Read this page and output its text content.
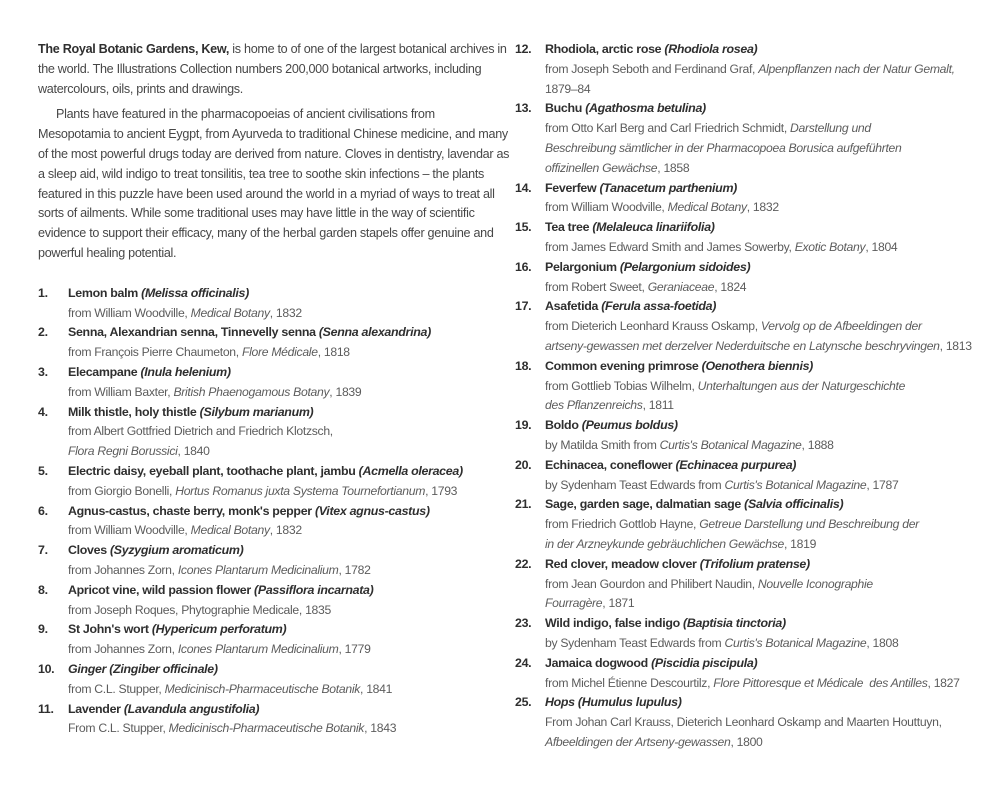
The Royal Botanic Gardens, Kew, is home to of one of the largest botanical archives in the world. The Illustrations Collection numbers 200,000 botanical artworks, including watercolours, oils, prints and drawings.

Plants have featured in the pharmacopoeias of ancient civilisations from Mesopotamia to ancient Eygpt, from Ayurveda to traditional Chinese medicine, and many of the most powerful drugs today are derived from nature. Cloves in dentistry, lavendar as a sleep aid, wild indigo to treat tonsilitis, tea tree to soothe skin infections – the plants featured in this puzzle have been used around the world in a myriad of ways to treat all sorts of ailments. While some traditional uses may have little in the way of scientific evidence to support their efficacy, many of the herbal garden stapels offer genuine and powerful healing potential.

1.	Lemon balm (Melissa officinalis)
from William Woodville, Medical Botany, 1832
2.	Senna, Alexandrian senna, Tinnevelly senna (Senna alexandrina)
from François Pierre Chaumeton, Flore Médicale, 1818
3.	Elecampane (Inula helenium)
from William Baxter, British Phaenogamous Botany, 1839
4.	Milk thistle, holy thistle (Silybum marianum)
from Albert Gottfried Dietrich and Friedrich Klotzsch,
Flora Regni Borussici, 1840
5.	Electric daisy, eyeball plant, toothache plant, jambu (Acmella oleracea)
from Giorgio Bonelli, Hortus Romanus juxta Systema Tournefortianum, 1793
6.	Agnus-castus, chaste berry, monk's pepper (Vitex agnus-castus)
from William Woodville, Medical Botany, 1832
7.	Cloves (Syzygium aromaticum)
from Johannes Zorn, Icones Plantarum Medicinalium, 1782
8.	Apricot vine, wild passion flower (Passiflora incarnata)
from Joseph Roques, Phytographie Medicale, 1835
9.	St John's wort (Hypericum perforatum)
from Johannes Zorn, Icones Plantarum Medicinalium, 1779
10.	Ginger (Zingiber officinale)
from C.L. Stupper, Medicinisch-Pharmaceutische Botanik, 1841
11.	Lavender (Lavandula angustifolia)
From C.L. Stupper, Medicinisch-Pharmaceutische Botanik, 1843
12.	Rhodiola, arctic rose (Rhodiola rosea)
from Joseph Seboth and Ferdinand Graf, Alpenpflanzen nach der Natur Gemalt,
1879–84
13.	Buchu (Agathosma betulina)
from Otto Karl Berg and Carl Friedrich Schmidt, Darstellung und
Beschreibung sämtlicher in der Pharmacopoea Borusica aufgeführten
offizinellen Gewächse, 1858
14.	Feverfew (Tanacetum parthenium)
from William Woodville, Medical Botany, 1832
15.	Tea tree (Melaleuca linariifolia)
from James Edward Smith and James Sowerby, Exotic Botany, 1804
16.	Pelargonium (Pelargonium sidoides)
from Robert Sweet, Geraniaceae, 1824
17.	Asafetida (Ferula assa-foetida)
from Dieterich Leonhard Krauss Oskamp, Vervolg op de Afbeeldingen der
artseny-gewassen met derzelver Nederduitsche en Latynsche beschryvingen, 1813
18.	Common evening primrose (Oenothera biennis)
from Gottlieb Tobias Wilhelm, Unterhaltungen aus der Naturgeschichte
des Pflanzenreichs, 1811
19.	Boldo (Peumus boldus)
by Matilda Smith from Curtis's Botanical Magazine, 1888
20.	Echinacea, coneflower (Echinacea purpurea)
by Sydenham Teast Edwards from Curtis's Botanical Magazine, 1787
21.	Sage, garden sage, dalmatian sage (Salvia officinalis)
from Friedrich Gottlob Hayne, Getreue Darstellung und Beschreibung der
in der Arzneykunde gebräuchlichen Gewächse, 1819
22.	Red clover, meadow clover (Trifolium pratense)
from Jean Gourdon and Philibert Naudin, Nouvelle Iconographie
Fourragère, 1871
23.	Wild indigo, false indigo (Baptisia tinctoria)
by Sydenham Teast Edwards from Curtis's Botanical Magazine, 1808
24.	Jamaica dogwood (Piscidia piscipula)
from Michel Étienne Descourtilz, Flore Pittoresque et Médicale  des Antilles, 1827
25.	Hops (Humulus lupulus)
From Johan Carl Krauss, Dieterich Leonhard Oskamp and Maarten Houttuyn,
Afbeeldingen der Artseny-gewassen, 1800
